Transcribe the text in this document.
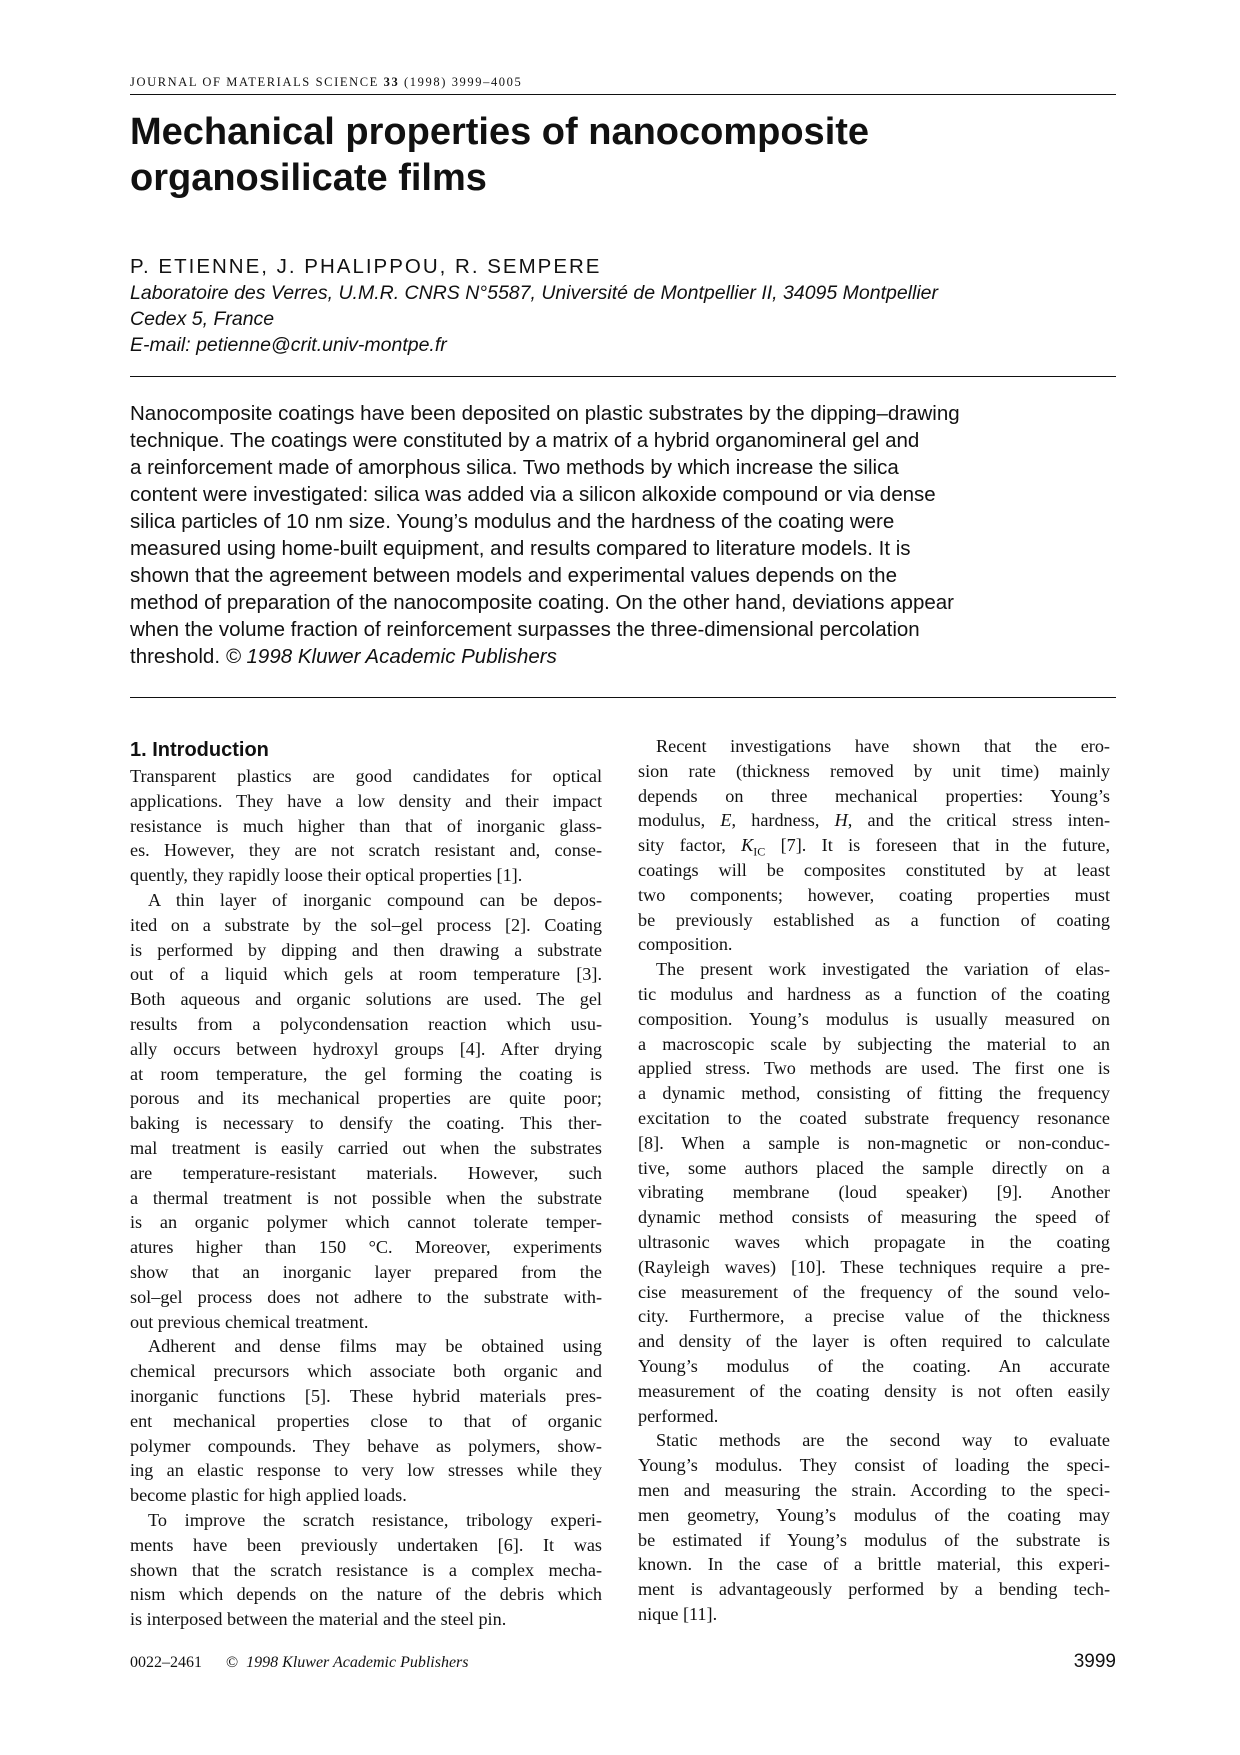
JOURNAL OF MATERIALS SCIENCE 33 (1998) 3999–4005
Mechanical properties of nanocomposite
organosilicate films
P. ETIENNE, J. PHALIPPOU, R. SEMPERE
Laboratoire des Verres, U.M.R. CNRS N°5587, Université de Montpellier II, 34095 Montpellier
Cedex 5, France
E-mail: petienne@crit.univ-montpe.fr
Nanocomposite coatings have been deposited on plastic substrates by the dipping–drawing
technique. The coatings were constituted by a matrix of a hybrid organomineral gel and
a reinforcement made of amorphous silica. Two methods by which increase the silica
content were investigated: silica was added via a silicon alkoxide compound or via dense
silica particles of 10 nm size. Young’s modulus and the hardness of the coating were
measured using home-built equipment, and results compared to literature models. It is
shown that the agreement between models and experimental values depends on the
method of preparation of the nanocomposite coating. On the other hand, deviations appear
when the volume fraction of reinforcement surpasses the three-dimensional percolation
threshold. © 1998 Kluwer Academic Publishers
1. Introduction
Transparent plastics are good candidates for optical
applications. They have a low density and their impact
resistance is much higher than that of inorganic glass-
es. However, they are not scratch resistant and, conse-
quently, they rapidly loose their optical properties [1].
A thin layer of inorganic compound can be depos-
ited on a substrate by the sol–gel process [2]. Coating
is performed by dipping and then drawing a substrate
out of a liquid which gels at room temperature [3].
Both aqueous and organic solutions are used. The gel
results from a polycondensation reaction which usu-
ally occurs between hydroxyl groups [4]. After drying
at room temperature, the gel forming the coating is
porous and its mechanical properties are quite poor;
baking is necessary to densify the coating. This ther-
mal treatment is easily carried out when the substrates
are temperature-resistant materials. However, such
a thermal treatment is not possible when the substrate
is an organic polymer which cannot tolerate temper-
atures higher than 150 °C. Moreover, experiments
show that an inorganic layer prepared from the
sol–gel process does not adhere to the substrate with-
out previous chemical treatment.
Adherent and dense films may be obtained using
chemical precursors which associate both organic and
inorganic functions [5]. These hybrid materials pres-
ent mechanical properties close to that of organic
polymer compounds. They behave as polymers, show-
ing an elastic response to very low stresses while they
become plastic for high applied loads.
To improve the scratch resistance, tribology experi-
ments have been previously undertaken [6]. It was
shown that the scratch resistance is a complex mecha-
nism which depends on the nature of the debris which
is interposed between the material and the steel pin.
Recent investigations have shown that the ero-
sion rate (thickness removed by unit time) mainly
depends on three mechanical properties: Young’s
modulus, E, hardness, H, and the critical stress inten-
sity factor, $K_{IC}$ [7]. It is foreseen that in the future,
coatings will be composites constituted by at least
two components; however, coating properties must
be previously established as a function of coating
composition.
The present work investigated the variation of elas-
tic modulus and hardness as a function of the coating
composition. Young’s modulus is usually measured on
a macroscopic scale by subjecting the material to an
applied stress. Two methods are used. The first one is
a dynamic method, consisting of fitting the frequency
excitation to the coated substrate frequency resonance
[8]. When a sample is non-magnetic or non-conduc-
tive, some authors placed the sample directly on a
vibrating membrane (loud speaker) [9]. Another
dynamic method consists of measuring the speed of
ultrasonic waves which propagate in the coating
(Rayleigh waves) [10]. These techniques require a pre-
cise measurement of the frequency of the sound velo-
city. Furthermore, a precise value of the thickness
and density of the layer is often required to calculate
Young’s modulus of the coating. An accurate
measurement of the coating density is not often easily
performed.
Static methods are the second way to evaluate
Young’s modulus. They consist of loading the speci-
men and measuring the strain. According to the speci-
men geometry, Young’s modulus of the coating may
be estimated if Young’s modulus of the substrate is
known. In the case of a brittle material, this experi-
ment is advantageously performed by a bending tech-
nique [11].
0022–2461 © 1998 Kluwer Academic Publishers	3999
